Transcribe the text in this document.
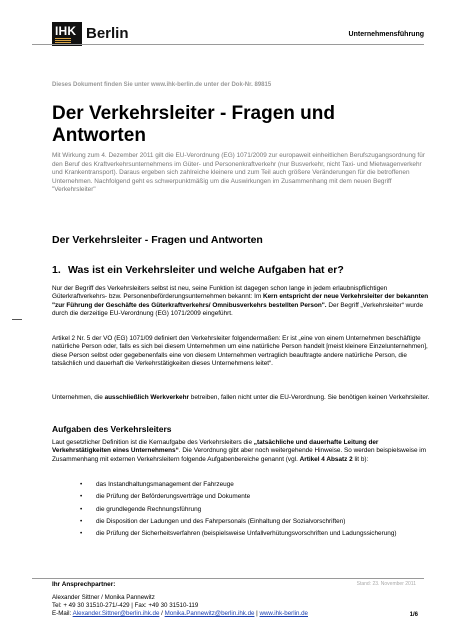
IHK Berlin	Unternehmensführung
Dieses Dokument finden Sie unter www.ihk-berlin.de unter der Dok-Nr. 89815
Der Verkehrsleiter - Fragen und Antworten

Mit Wirkung zum 4. Dezember 2011 gilt die EU-Verordnung (EG) 1071/2009 zur europaweit einheitlichen Berufszugangsordnung für den Beruf des Kraftverkehrsunternehmens im Güter- und Personenkraftverkehr (nur Busverkehr, nicht Taxi- und Mietwagenverkehr und Krankentransport). Daraus ergeben sich zahlreiche kleinere und zum Teil auch größere Veränderungen für die betroffenen Unternehmen. Nachfolgend geht es schwerpunktmäßig um die Auswirkungen im Zusammenhang mit dem neuen Begriff "Verkehrsleiter"

Der Verkehrsleiter - Fragen und Antworten
1. Was ist ein Verkehrsleiter und welche Aufgaben hat er?

Nur der Begriff des Verkehrsleiters selbst ist neu, seine Funktion ist dagegen schon lange in jedem erlaubnispflichtigen Güterkraftverkehrs- bzw. Personenbeförderungsunternehmen bekannt: Im Kern entspricht der neue Verkehrsleiter der bekannten "zur Führung der Geschäfte des Güterkraftverkehrs/ Omnibusverkehrs bestellten Person". Der Begriff „Verkehrsleiter“ wurde durch die derzeitige EU-Verordnung (EG) 1071/2009 eingeführt.

Artikel 2 Nr. 5 der VO (EG) 1071/09 definiert den Verkehrsleiter folgendermaßen: Er ist „eine von einem Unternehmen beschäftigte natürliche Person oder, falls es sich bei diesem Unternehmen um eine natürliche Person handelt [meist kleinere Einzelunternehmen], diese Person selbst oder gegebenenfalls eine von diesem Unternehmen vertraglich beauftragte andere natürliche Person, die tatsächlich und dauerhaft die Verkehrstätigkeiten dieses Unternehmens leitet“.

Unternehmen, die ausschließlich Werkverkehr betreiben, fallen nicht unter die EU-Verordnung. Sie benötigen keinen Verkehrsleiter.

Aufgaben des Verkehrsleiters

Laut gesetzlicher Definition ist die Kernaufgabe des Verkehrsleiters die „tatsächliche und dauerhafte Leitung der Verkehrstätigkeiten eines Unternehmens“. Die Verordnung gibt aber noch weitergehende Hinweise. So werden beispielsweise im Zusammenhang mit externen Verkehrsleitern folgende Aufgabenbereiche genannt (vgl. Artikel 4 Absatz 2 lit b):

• das Instandhaltungsmanagement der Fahrzeuge
• die Prüfung der Beförderungsverträge und Dokumente
• die grundlegende Rechnungsführung
• die Disposition der Ladungen und des Fahrpersonals (Einhaltung der Sozialvorschriften)
• die Prüfung der Sicherheitsverfahren (beispielsweise Unfallverhütungsvorschriften und Ladungssicherung)
Ihr Ansprechpartner:	Stand: 23. November 2011
Alexander Sittner / Monika Pannewitz
Tel: + 49 30 31510-271/-429 | Fax: +49 30 31510-119
E-Mail: Alexander.Sittner@berlin.ihk.de / Monika.Pannewitz@berlin.ihk.de | www.ihk-berlin.de	1/6
